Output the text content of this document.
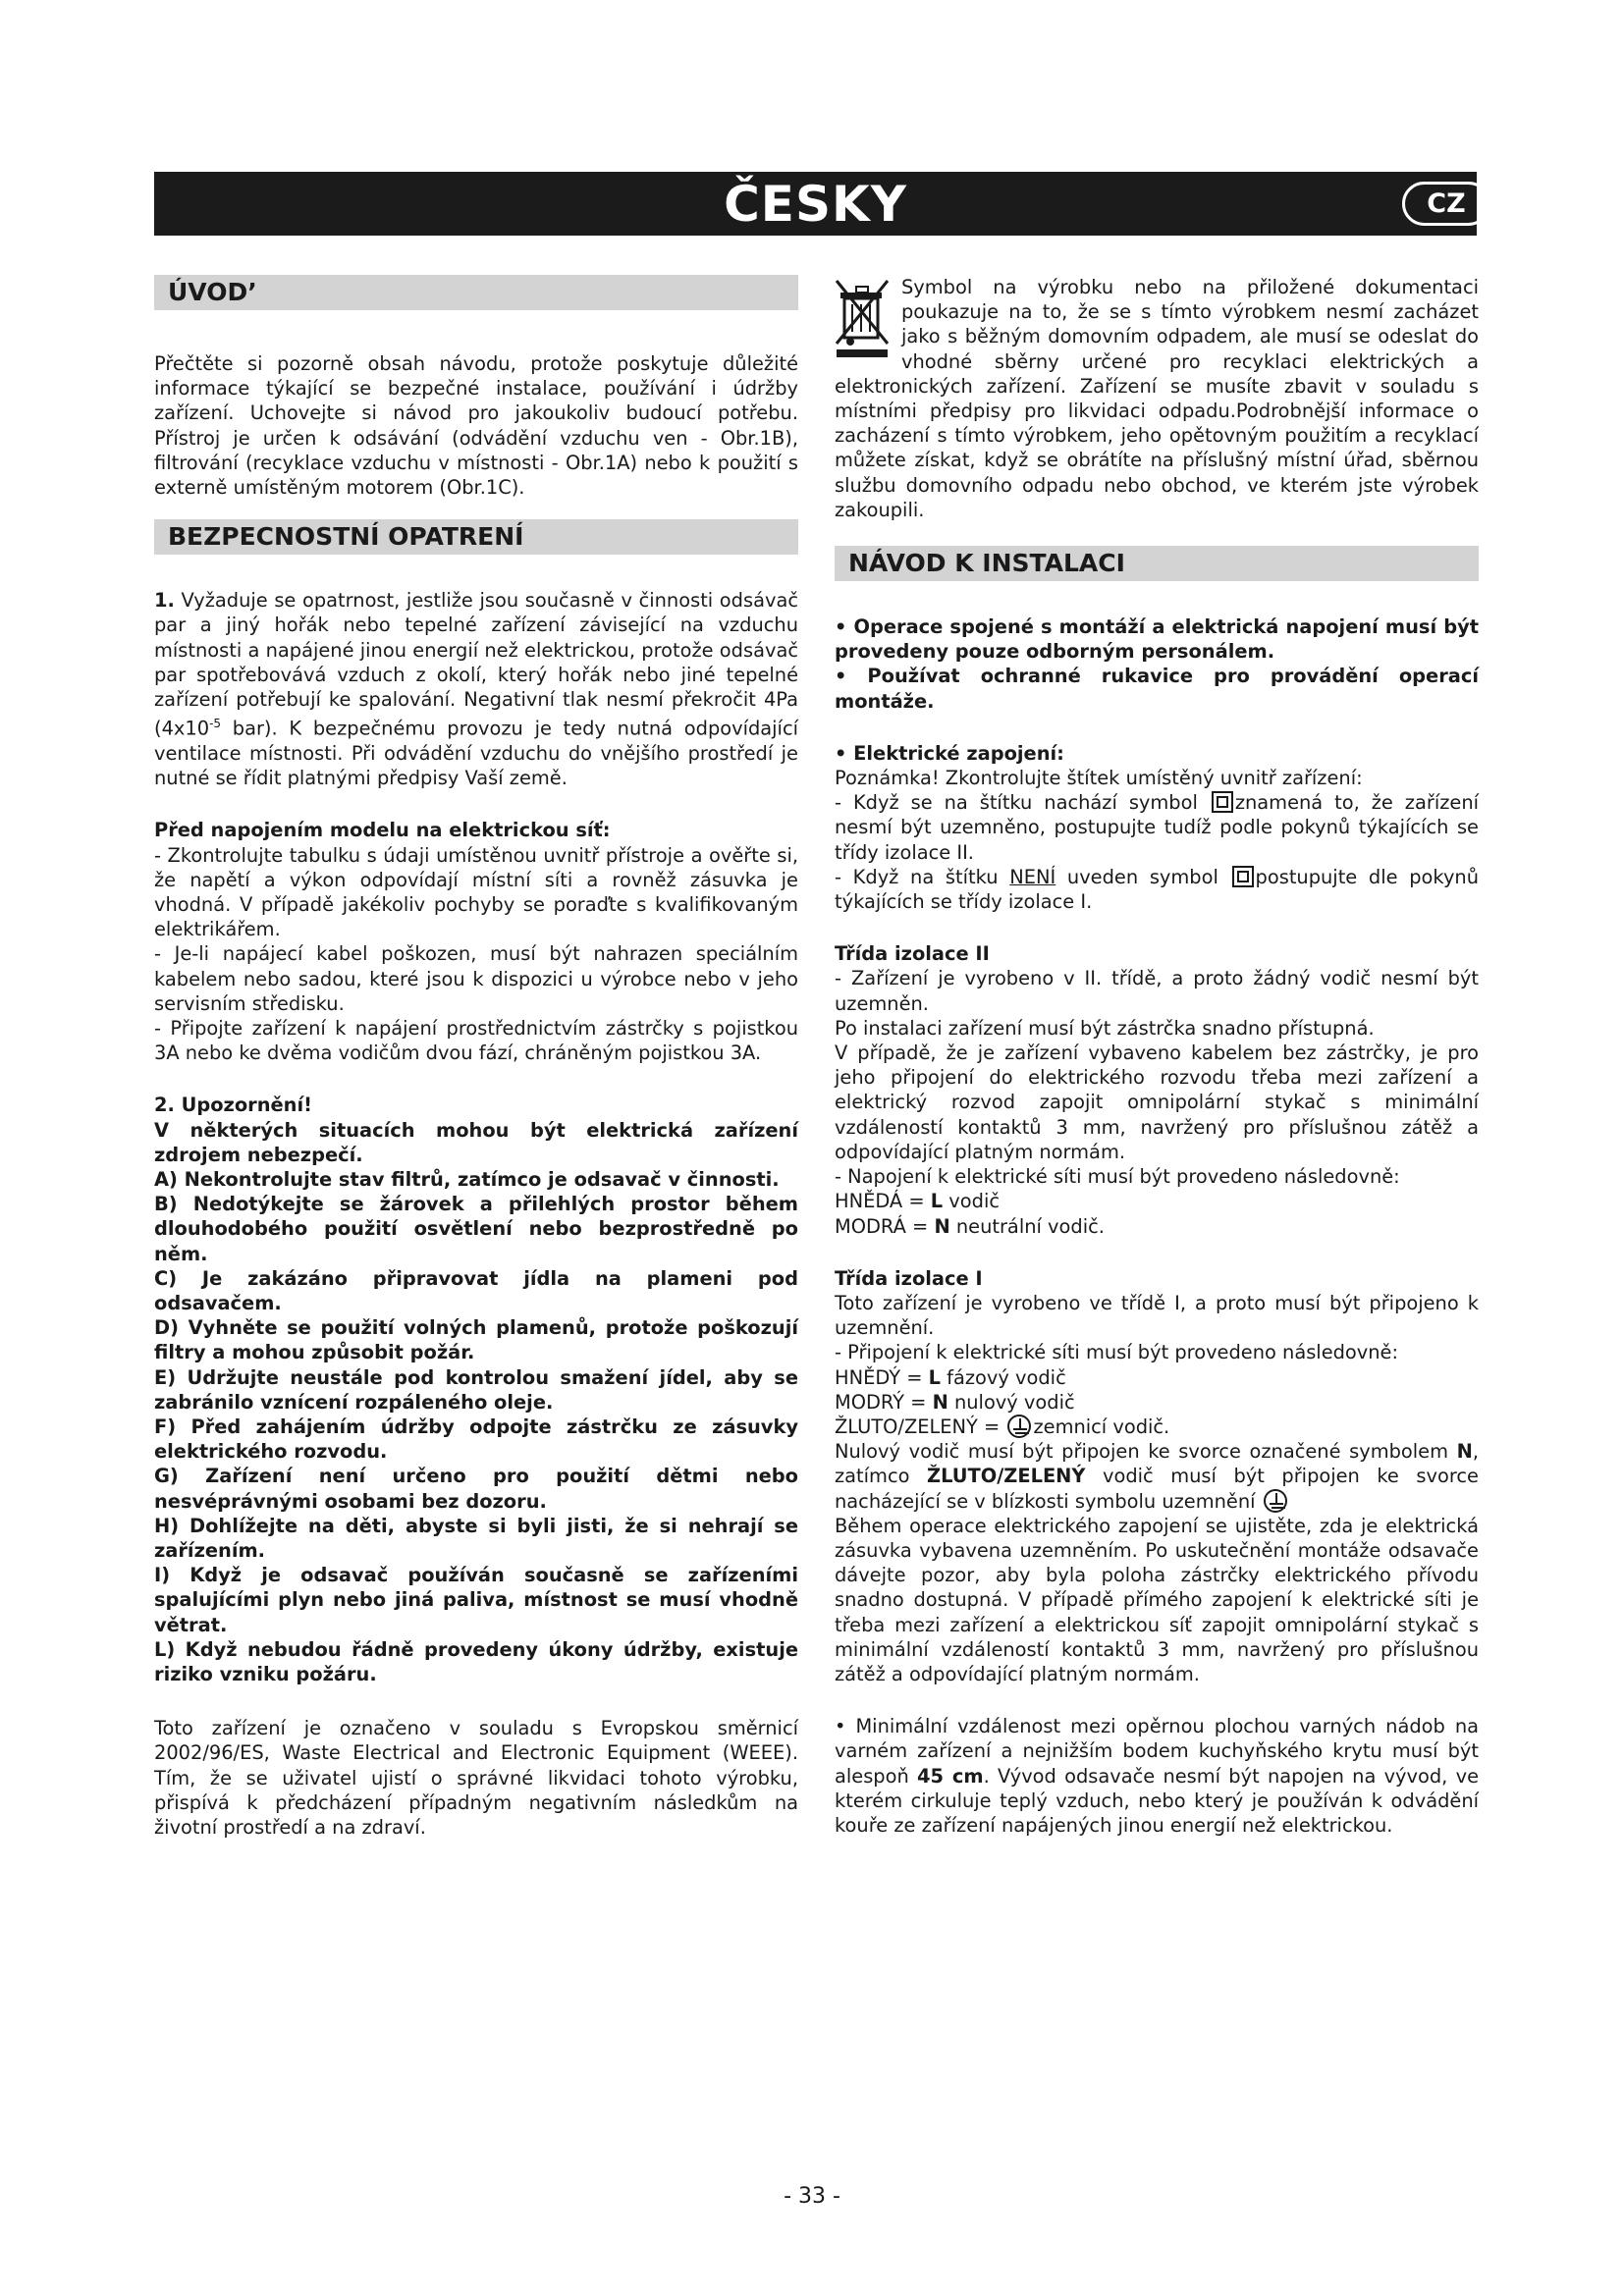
ČESKY	CZ
ÚVOD’

Přečtěte si pozorně obsah návodu, protože poskytuje důležité informace týkající se bezpečné instalace, používání i údržby zařízení. Uchovejte si návod pro jakoukoliv budoucí potřebu. Přístroj je určen k odsávání (odvádění vzduchu ven - Obr.1B), filtrování (recyklace vzduchu v místnosti - Obr.1A) nebo k použití s externě umístěným motorem (Obr.1C).

BEZPECNOSTNÍ OPATRENÍ

1. Vyžaduje se opatrnost, jestliže jsou současně v činnosti odsávač par a jiný hořák nebo tepelné zařízení závisející na vzduchu místnosti a napájené jinou energií než elektrickou, protože odsávač par spotřebovává vzduch z okolí, který hořák nebo jiné tepelné zařízení potřebují ke spalování. Negativní tlak nesmí překročit 4Pa ($4x10^{-5}$ bar). K bezpečnému provozu je tedy nutná odpovídající ventilace místnosti. Při odvádění vzduchu do vnějšího prostředí je nutné se řídit platnými předpisy Vaší země.

Před napojením modelu na elektrickou síť:

- Zkontrolujte tabulku s údaji umístěnou uvnitř přístroje a ověřte si, že napětí a výkon odpovídají místní síti a rovněž zásuvka je vhodná. V případě jakékoliv pochyby se poraďte s kvalifikovaným elektrikářem.

- Je-li napájecí kabel poškozen, musí být nahrazen speciálním kabelem nebo sadou, které jsou k dispozici u výrobce nebo v jeho servisním středisku.

- Připojte zařízení k napájení prostřednictvím zástrčky s pojistkou 3A nebo ke dvěma vodičům dvou fází, chráněným pojistkou 3A.

2. Upozornění!

V některých situacích mohou být elektrická zařízení zdrojem nebezpečí.

A) Nekontrolujte stav filtrů, zatímco je odsavač v činnosti.

B) Nedotýkejte se žárovek a přilehlých prostor během dlouhodobého použití osvětlení nebo bezprostředně po něm.

C) Je zakázáno připravovat jídla na plameni pod odsavačem.

D) Vyhněte se použití volných plamenů, protože poškozují filtry a mohou způsobit požár.

E) Udržujte neustále pod kontrolou smažení jídel, aby se zabránilo vznícení rozpáleného oleje.

F) Před zahájením údržby odpojte zástrčku ze zásuvky elektrického rozvodu.

G) Zařízení není určeno pro použití dětmi nebo nesvéprávnými osobami bez dozoru.

H) Dohlížejte na děti, abyste si byli jisti, že si nehrají se zařízením.

I) Když je odsavač používán současně se zařízeními spalujícími plyn nebo jiná paliva, místnost se musí vhodně větrat.

L) Když nebudou řádně provedeny úkony údržby, existuje riziko vzniku požáru.

Toto zařízení je označeno v souladu s Evropskou směrnicí 2002/96/ES, Waste Electrical and Electronic Equipment (WEEE). Tím, že se uživatel ujistí o správné likvidaci tohoto výrobku, přispívá k předcházení případným negativním následkům na životní prostředí a na zdraví.

Symbol na výrobku nebo na přiložené dokumentaci poukazuje na to, že se s tímto výrobkem nesmí zacházet jako s běžným domovním odpadem, ale musí se odeslat do vhodné sběrny určené pro recyklaci elektrických a elektronických zařízení. Zařízení se musíte zbavit v souladu s místními předpisy pro likvidaci odpadu.Podrobnější informace o zacházení s tímto výrobkem, jeho opětovným použitím a recyklací můžete získat, když se obrátíte na příslušný místní úřad, sběrnou službu domovního odpadu nebo obchod, ve kterém jste výrobek zakoupili.

NÁVOD K INSTALACI

• Operace spojené s montáží a elektrická napojení musí být provedeny pouze odborným personálem.

• Používat ochranné rukavice pro provádění operací montáže.

• Elektrické zapojení:

Poznámka! Zkontrolujte štítek umístěný uvnitř zařízení:

- Když se na štítku nachází symbol
znamená to, že zařízení nesmí být uzemněno, postupujte tudíž podle pokynů týkajících se třídy izolace II.

- Když na štítku NENÍ uveden symbol
postupujte dle pokynů týkajících se třídy izolace I.

Třída izolace II

- Zařízení je vyrobeno v II. třídě, a proto žádný vodič nesmí být uzemněn.

Po instalaci zařízení musí být zástrčka snadno přístupná.

V případě, že je zařízení vybaveno kabelem bez zástrčky, je pro jeho připojení do elektrického rozvodu třeba mezi zařízení a elektrický rozvod zapojit omnipolární stykač s minimální vzdáleností kontaktů 3 mm, navržený pro příslušnou zátěž a odpovídající platným normám.

- Napojení k elektrické síti musí být provedeno následovně:

HNĚDÁ = L vodič

MODRÁ = N neutrální vodič.

Třída izolace I

Toto zařízení je vyrobeno ve třídě I, a proto musí být připojeno k uzemnění.

- Připojení k elektrické síti musí být provedeno následovně:

HNĚDÝ = L fázový vodič

MODRÝ = N nulový vodič

ŽLUTO/ZELENÝ = zemnicí vodič.

Nulový vodič musí být připojen ke svorce označené symbolem N, zatímco ŽLUTO/ZELENÝ vodič musí být připojen ke svorce nacházející se v blízkosti symbolu uzemnění

Během operace elektrického zapojení se ujistěte, zda je elektrická zásuvka vybavena uzemněním. Po uskutečnění montáže odsavače dávejte pozor, aby byla poloha zástrčky elektrického přívodu snadno dostupná. V případě přímého zapojení k elektrické síti je třeba mezi zařízení a elektrickou síť zapojit omnipolární stykač s minimální vzdáleností kontaktů 3 mm, navržený pro příslušnou zátěž a odpovídající platným normám.

• Minimální vzdálenost mezi opěrnou plochou varných nádob na varném zařízení a nejnižším bodem kuchyňského krytu musí být alespoň 45 cm. Vývod odsavače nesmí být napojen na vývod, ve kterém cirkuluje teplý vzduch, nebo který je používán k odvádění kouře ze zařízení napájených jinou energií než elektrickou.

- 33 -
